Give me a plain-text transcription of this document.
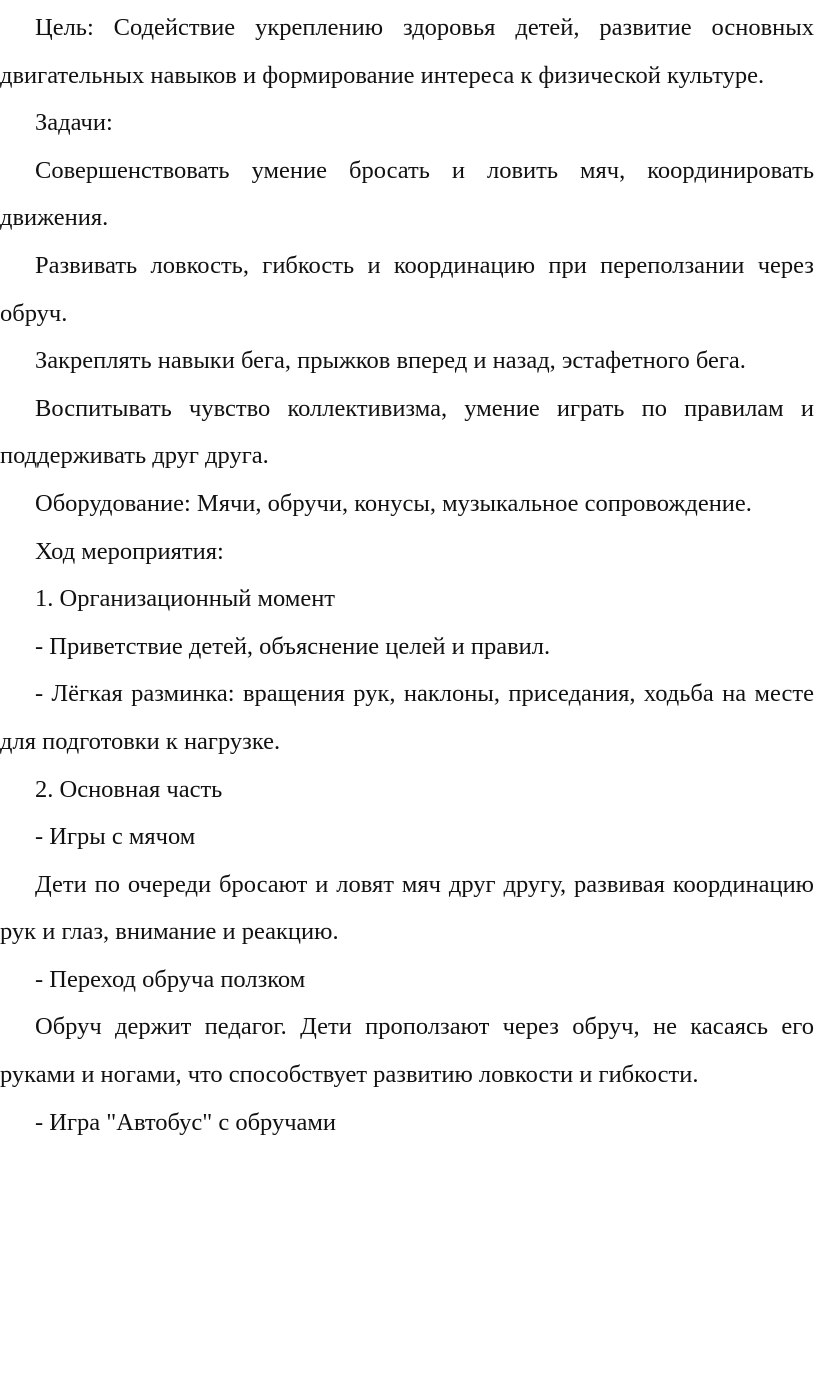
Цель: Содействие укреплению здоровья детей, развитие основных двигательных навыков и формирование интереса к физической культуре.

Задачи:

Совершенствовать умение бросать и ловить мяч, координировать движения.

Развивать ловкость, гибкость и координацию при переползании через обруч.

Закреплять навыки бега, прыжков вперед и назад, эстафетного бега.

Воспитывать чувство коллективизма, умение играть по правилам и поддерживать друг друга.

Оборудование: Мячи, обручи, конусы, музыкальное сопровождение.

Ход мероприятия:

1. Организационный момент

- Приветствие детей, объяснение целей и правил.

- Лёгкая разминка: вращения рук, наклоны, приседания, ходьба на месте для подготовки к нагрузке.

2. Основная часть

- Игры с мячом

Дети по очереди бросают и ловят мяч друг другу, развивая координацию рук и глаз, внимание и реакцию.

- Переход обруча ползком

Обруч держит педагог. Дети проползают через обруч, не касаясь его руками и ногами, что способствует развитию ловкости и гибкости.

- Игра "Автобус" с обручами
